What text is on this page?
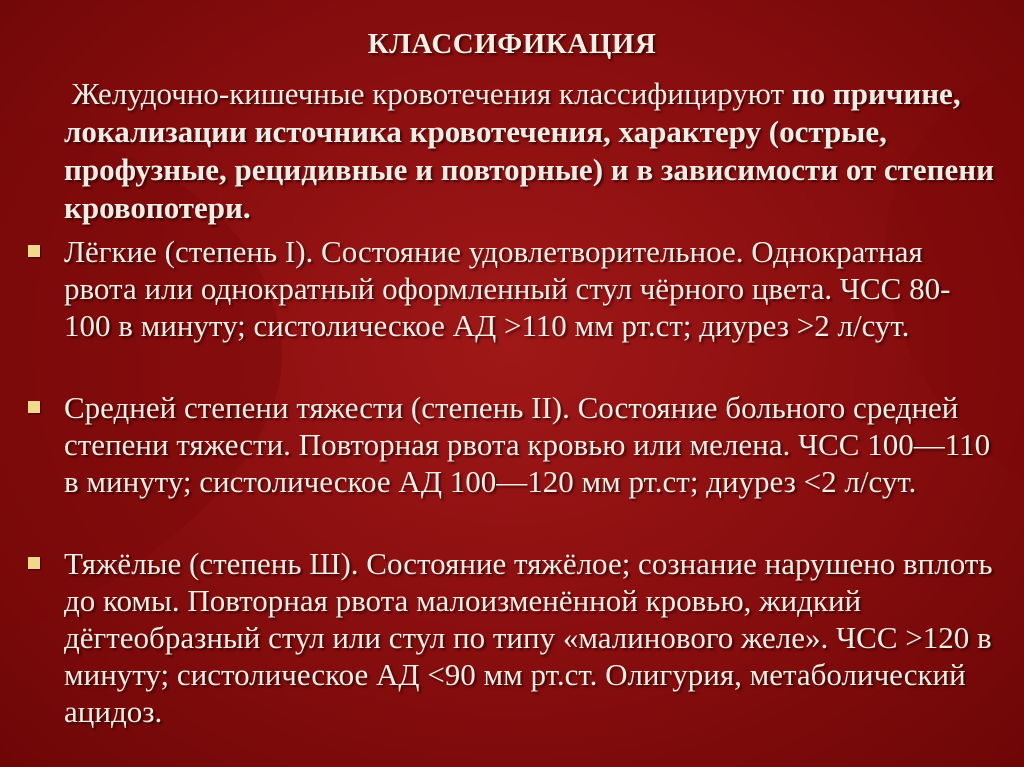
КЛАССИФИКАЦИЯ
Желудочно-кишечные кровотечения классифицируют по причине, локализации источника кровотечения, характеру (острые, профузные, рецидивные и повторные) и в зависимости от степени кровопотери.
Лёгкие (степень I). Состояние удовлетворительное. Однократная рвота или однократный оформленный стул чёрного цвета. ЧСС 80-100 в минуту; систолическое АД >110 мм рт.ст; диурез >2 л/сут.
Средней степени тяжести (степень II). Состояние больного средней степени тяжести. Повторная рвота кровью или мелена. ЧСС 100—110 в минуту; систолическое АД 100—120 мм рт.ст; диурез <2 л/сут.
Тяжёлые (степень Ш). Состояние тяжёлое; сознание нарушено вплоть до комы. Повторная рвота малоизменённой кровью, жидкий дёгтеобразный стул или стул по типу «малинового желе». ЧСС >120 в минуту; систолическое АД <90 мм рт.ст. Олигурия, метаболический ацидоз.
